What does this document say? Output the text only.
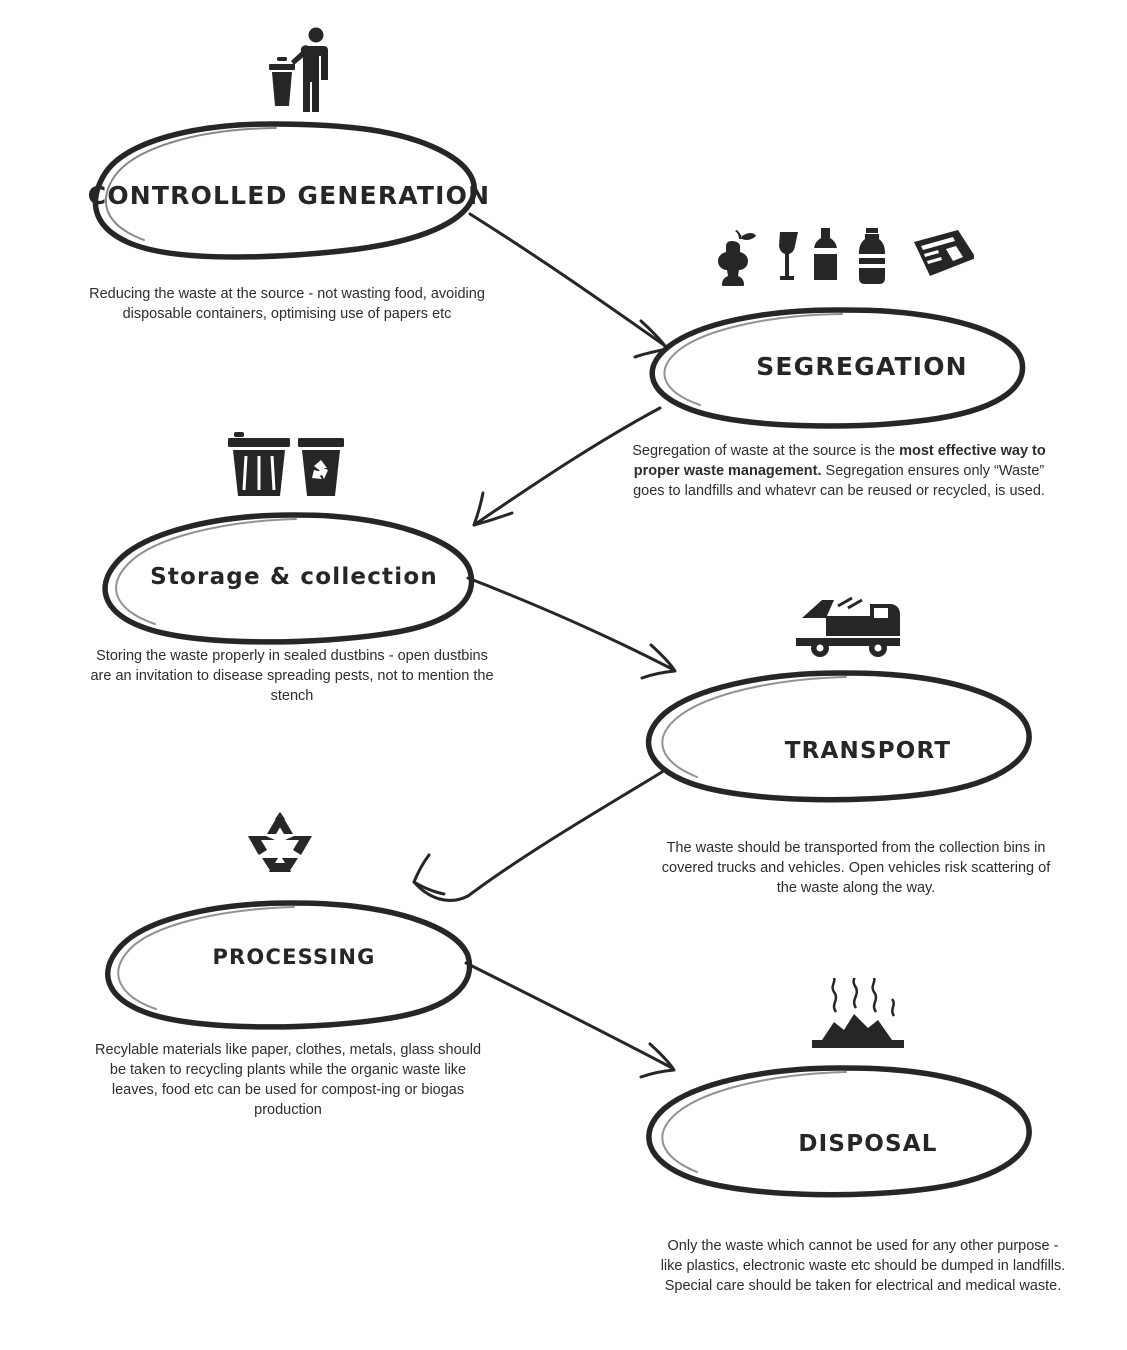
CONTROLLED GENERATION
SEGREGATION
Storage & collection
TRANSPORT
PROCESSING
DISPOSAL
Reducing the waste at the source - not wasting food, avoiding disposable containers, optimising use of papers etc
Segregation of waste at the source is the most effective way to proper waste management. Segregation ensures only “Waste” goes to landfills and whatevr can be reused or recycled, is used.
Storing the waste properly in sealed dustbins - open dustbins are an invitation to disease spreading pests, not to mention the stench
The waste should be transported from the collection bins in covered trucks and vehicles. Open vehicles risk scattering of the waste along the way.
Recylable materials like paper, clothes, metals, glass should be taken to recycling plants while the organic waste like leaves, food etc can be used for compost-ing or biogas production
Only the waste which cannot be used for any other purpose - like plastics, electronic waste etc should be dumped in landfills. Special care should be taken for electrical and medical waste.
